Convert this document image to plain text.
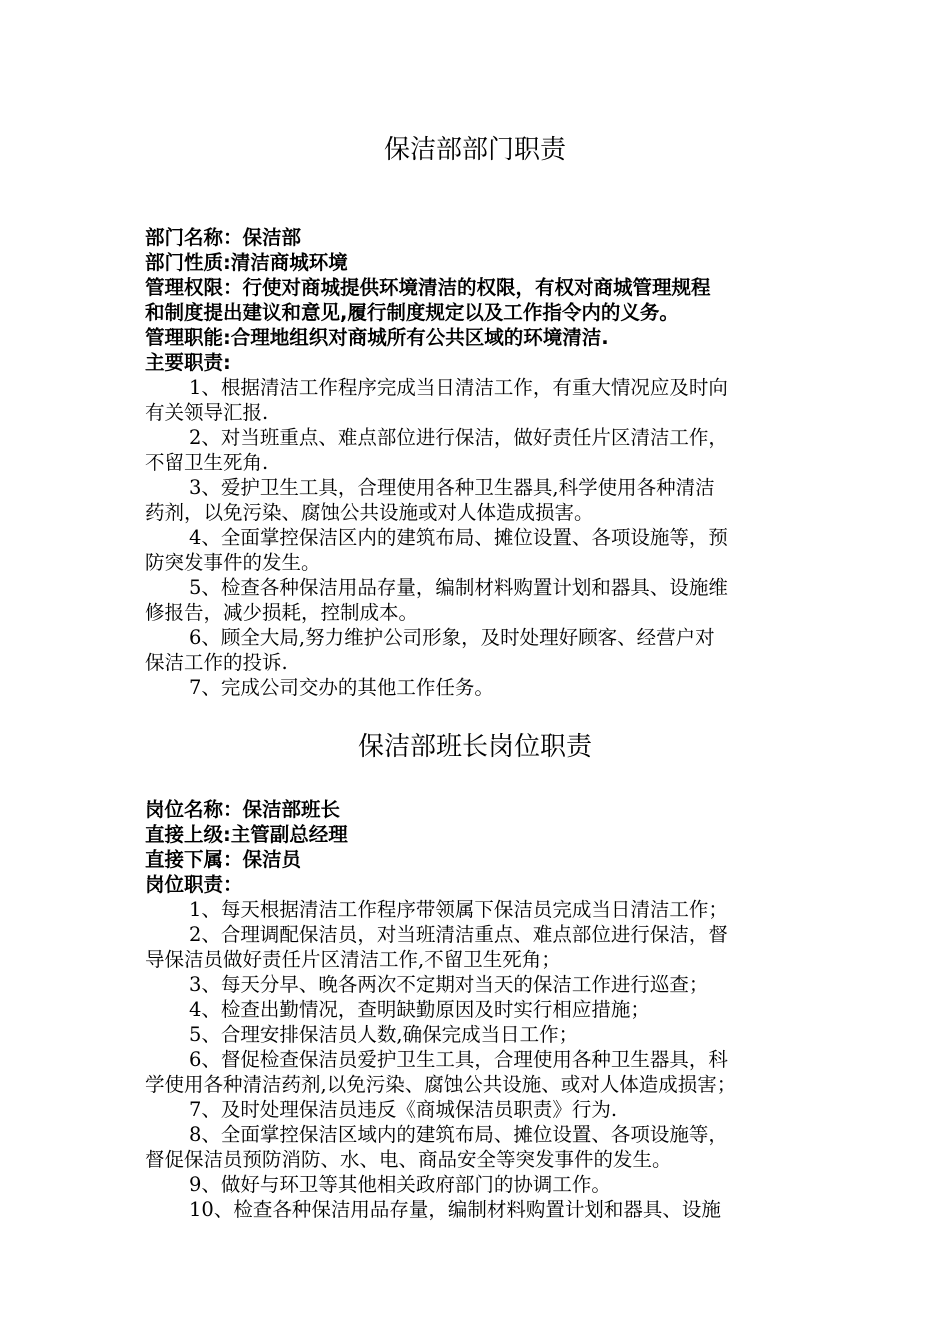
保洁部部门职责
部门名称：保洁部
部门性质:清洁商城环境
管理权限：行使对商城提供环境清洁的权限，有权对商城管理规程
和制度提出建议和意见,履行制度规定以及工作指令内的义务。
管理职能:合理地组织对商城所有公共区域的环境清洁.
主要职责:
1、根据清洁工作程序完成当日清洁工作，有重大情况应及时向
有关领导汇报.
2、对当班重点、难点部位进行保洁，做好责任片区清洁工作，
不留卫生死角.
3、爱护卫生工具，合理使用各种卫生器具,科学使用各种清洁
药剂，以免污染、腐蚀公共设施或对人体造成损害。
4、全面掌控保洁区内的建筑布局、摊位设置、各项设施等，预
防突发事件的发生。
5、检查各种保洁用品存量，编制材料购置计划和器具、设施维
修报告，减少损耗，控制成本。
6、顾全大局,努力维护公司形象，及时处理好顾客、经营户对
保洁工作的投诉.
7、完成公司交办的其他工作任务。
保洁部班长岗位职责
岗位名称：保洁部班长
直接上级:主管副总经理
直接下属：保洁员
岗位职责：
1、每天根据清洁工作程序带领属下保洁员完成当日清洁工作；
2、合理调配保洁员，对当班清洁重点、难点部位进行保洁，督
导保洁员做好责任片区清洁工作,不留卫生死角；
3、每天分早、晚各两次不定期对当天的保洁工作进行巡查；
4、检查出勤情况，查明缺勤原因及时实行相应措施；
5、合理安排保洁员人数,确保完成当日工作；
6、督促检查保洁员爱护卫生工具，合理使用各种卫生器具，科
学使用各种清洁药剂,以免污染、腐蚀公共设施、或对人体造成损害；
7、及时处理保洁员违反《商城保洁员职责》行为.
8、全面掌控保洁区域内的建筑布局、摊位设置、各项设施等，
督促保洁员预防消防、水、电、商品安全等突发事件的发生。
9、做好与环卫等其他相关政府部门的协调工作。
10、检查各种保洁用品存量，编制材料购置计划和器具、设施
